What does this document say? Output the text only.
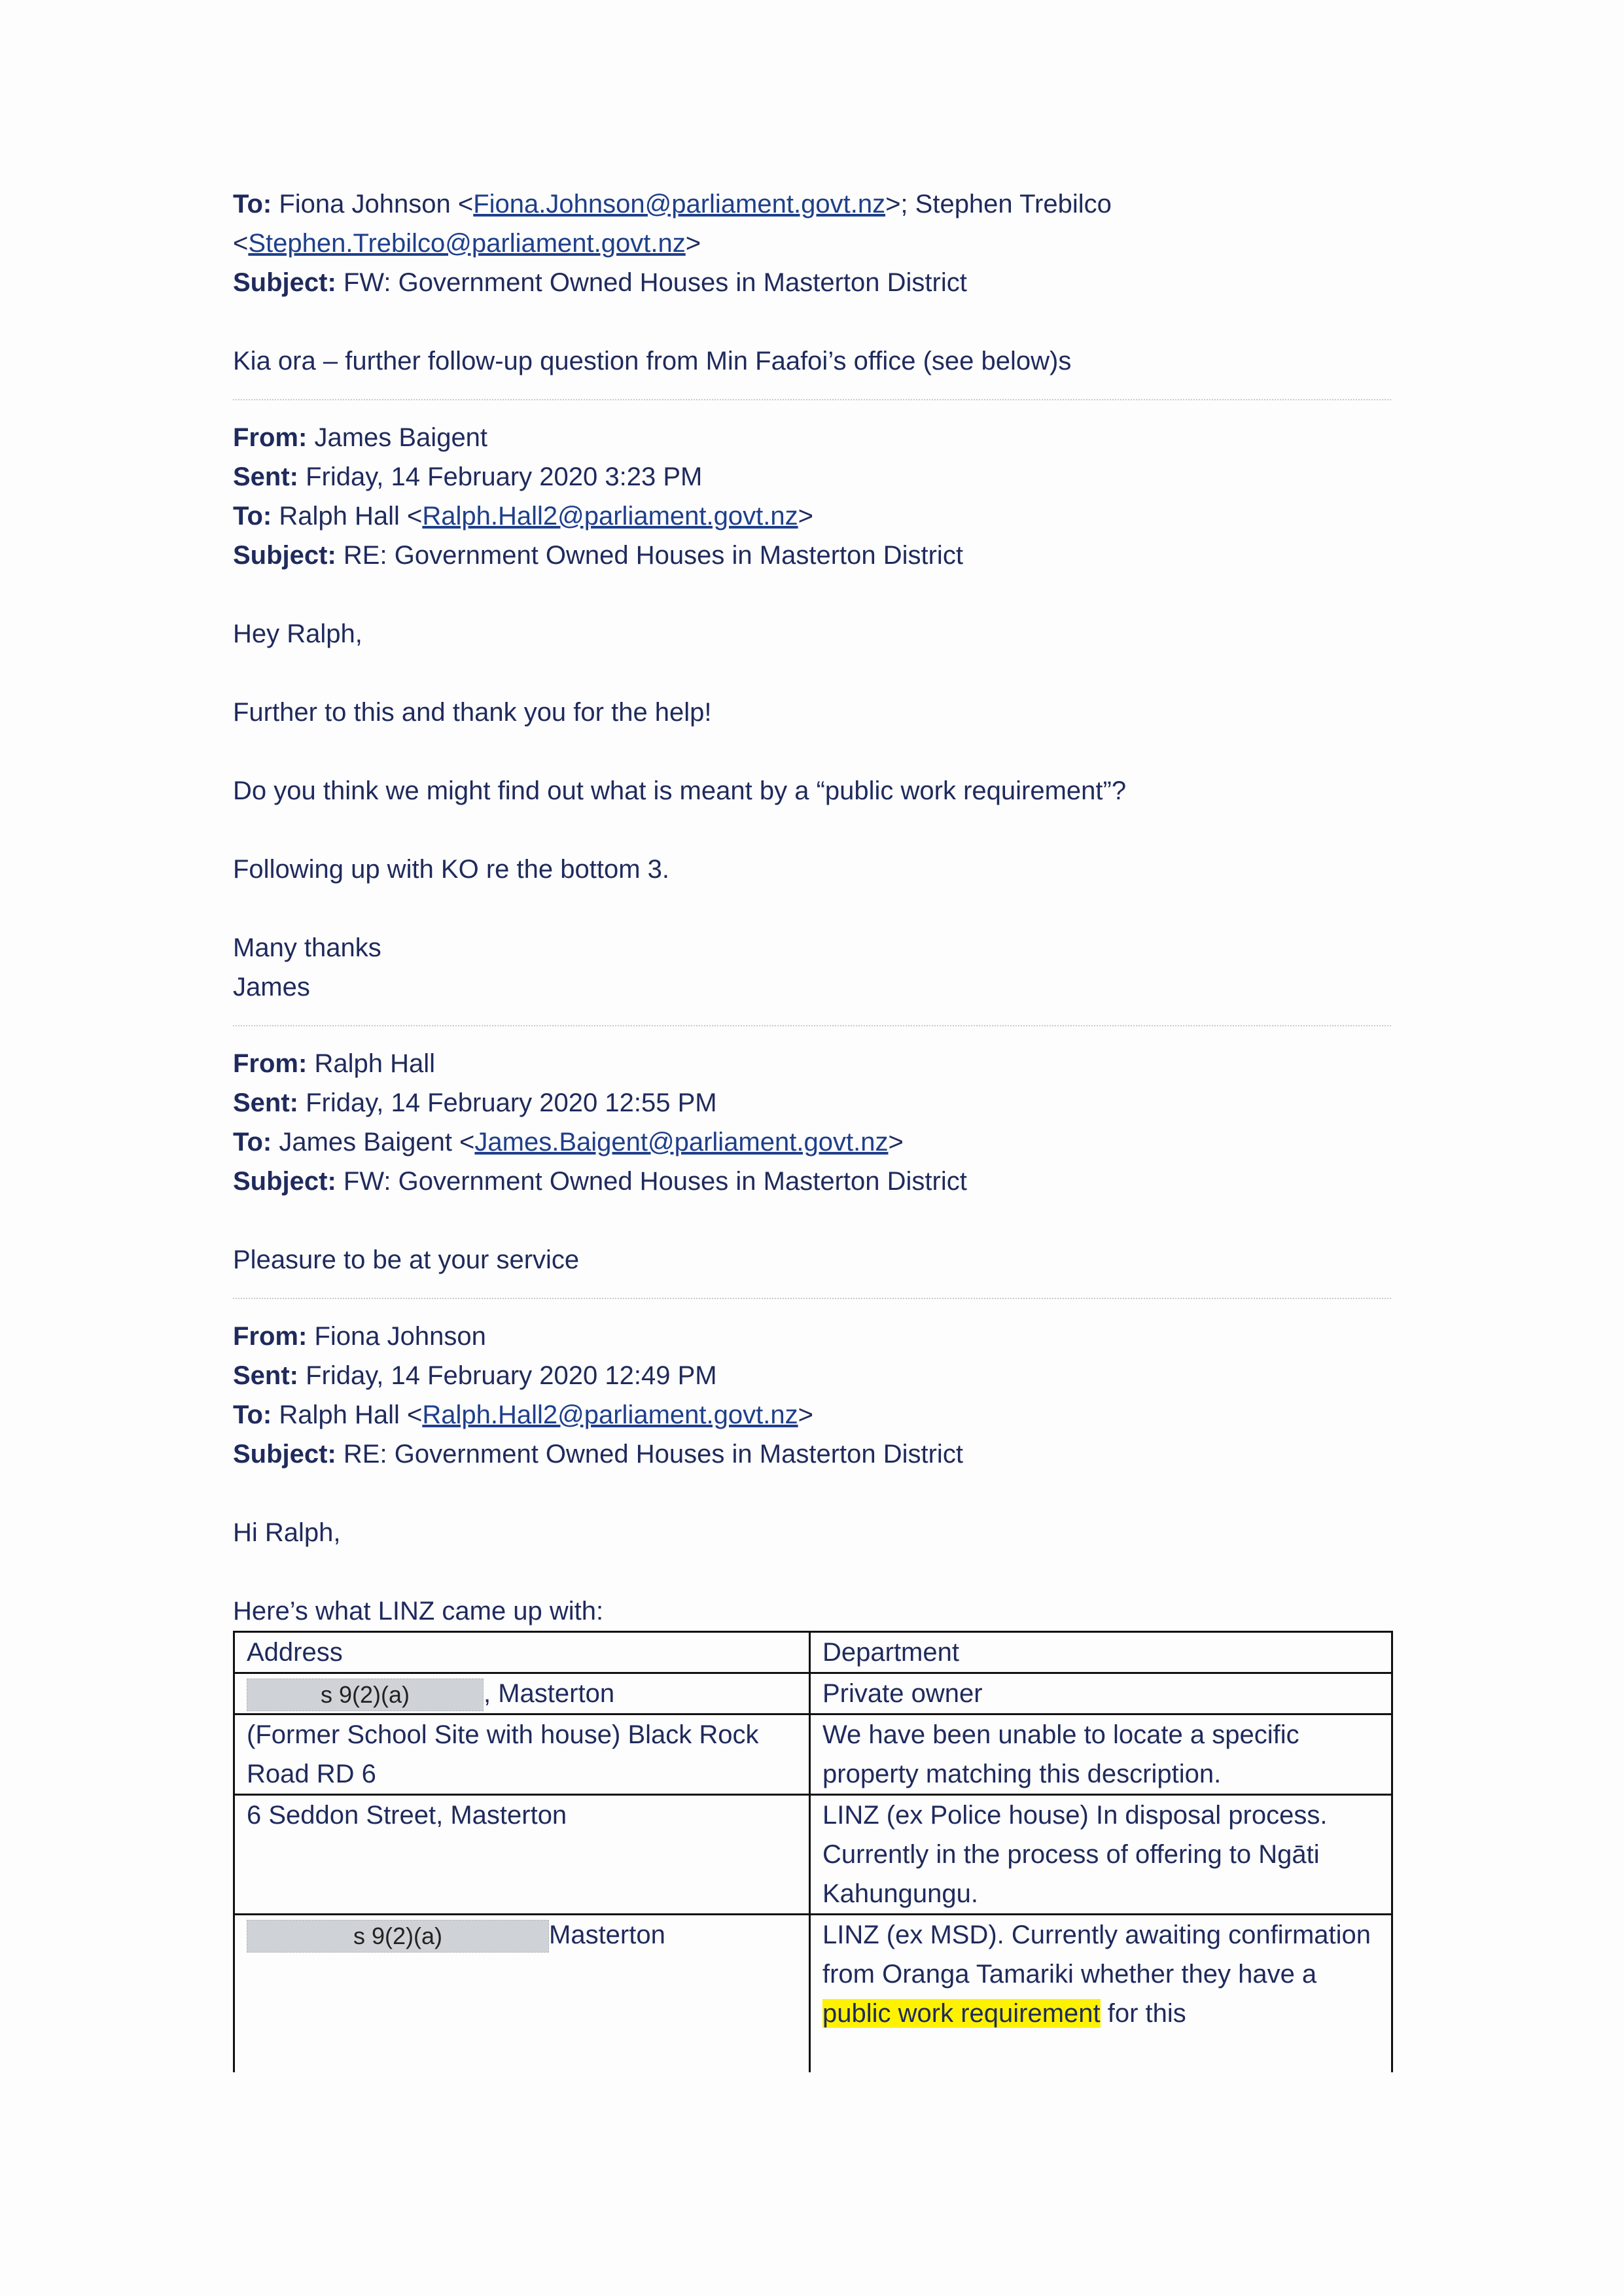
To: Fiona Johnson <Fiona.Johnson@parliament.govt.nz>; Stephen Trebilco
<Stephen.Trebilco@parliament.govt.nz>
Subject: FW: Government Owned Houses in Masterton District
Kia ora – further follow-up question from Min Faafoi’s office (see below)s
From: James Baigent
Sent: Friday, 14 February 2020 3:23 PM
To: Ralph Hall <Ralph.Hall2@parliament.govt.nz>
Subject: RE: Government Owned Houses in Masterton District
Hey Ralph,
Further to this and thank you for the help!
Do you think we might find out what is meant by a “public work requirement”?
Following up with KO re the bottom 3.
Many thanks
James
From: Ralph Hall
Sent: Friday, 14 February 2020 12:55 PM
To: James Baigent <James.Baigent@parliament.govt.nz>
Subject: FW: Government Owned Houses in Masterton District
Pleasure to be at your service
From: Fiona Johnson
Sent: Friday, 14 February 2020 12:49 PM
To: Ralph Hall <Ralph.Hall2@parliament.govt.nz>
Subject: RE: Government Owned Houses in Masterton District
Hi Ralph,
Here’s what LINZ came up with:
Address	Department
s 9(2)(a) , Masterton	Private owner
(Former School Site with house) Black Rock Road RD 6	We have been unable to locate a specific property matching this description.
6 Seddon Street, Masterton	LINZ (ex Police house) In disposal process. Currently in the process of offering to Ngāti Kahungungu.
s 9(2)(a) Masterton	LINZ (ex MSD). Currently awaiting confirmation from Oranga Tamariki whether they have a public work requirement for this
